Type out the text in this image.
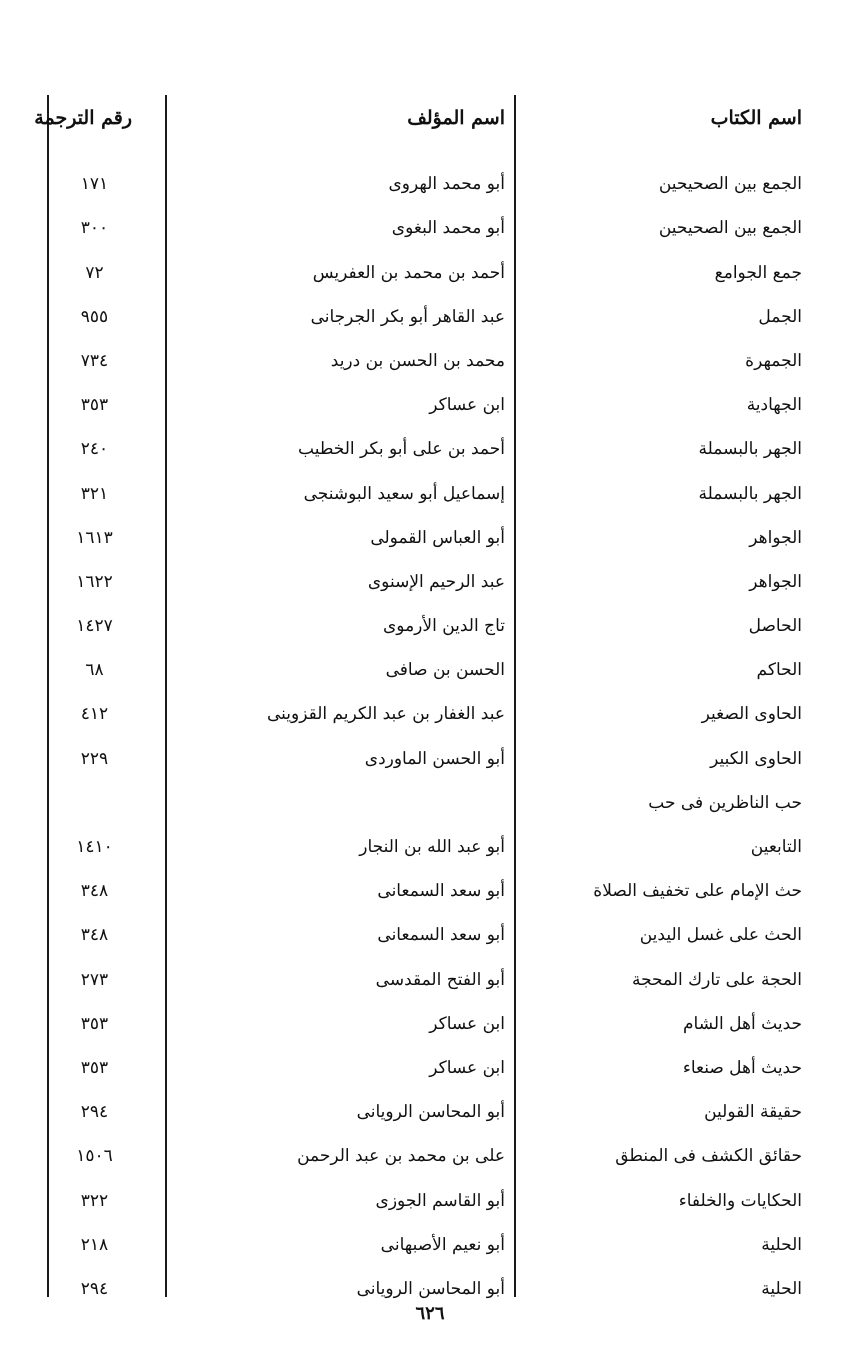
اسم الكتاب
اسم المؤلف
رقم الترجمة
الجمع بين الصحيحين
أبو محمد الهروى
١٧١
الجمع بين الصحيحين
أبو محمد البغوى
٣٠٠
جمع الجوامع
أحمد بن محمد بن العفريس
٧٢
الجمل
عبد القاهر أبو بكر الجرجانى
٩٥٥
الجمهرة
محمد بن الحسن بن دريد
٧٣٤
الجهادية
ابن عساكر
٣٥٣
الجهر بالبسملة
أحمد بن على أبو بكر الخطيب
٢٤٠
الجهر بالبسملة
إسماعيل أبو سعيد البوشنجى
٣٢١
الجواهر
أبو العباس القمولى
١٦١٣
الجواهر
عبد الرحيم الإسنوى
١٦٢٢
الحاصل
تاج الدين الأرموى
١٤٢٧
الحاكم
الحسن بن صافى
٦٨
الحاوى الصغير
عبد الغفار بن عبد الكريم القزوينى
٤١٢
الحاوى الكبير
أبو الحسن الماوردى
٢٢٩
حب الناظرين فى حب
التابعين
أبو عبد الله بن النجار
١٤١٠
حث الإمام على تخفيف الصلاة
أبو سعد السمعانى
٣٤٨
الحث على غسل اليدين
أبو سعد السمعانى
٣٤٨
الحجة على تارك المحجة
أبو الفتح المقدسى
٢٧٣
حديث أهل الشام
ابن عساكر
٣٥٣
حديث أهل صنعاء
ابن عساكر
٣٥٣
حقيقة القولين
أبو المحاسن الرويانى
٢٩٤
حقائق الكشف فى المنطق
على بن محمد بن عبد الرحمن
١٥٠٦
الحكايات والخلفاء
أبو القاسم الجوزى
٣٢٢
الحلية
أبو نعيم الأصبهانى
٢١٨
الحلية
أبو المحاسن الرويانى
٢٩٤
٦٢٦
